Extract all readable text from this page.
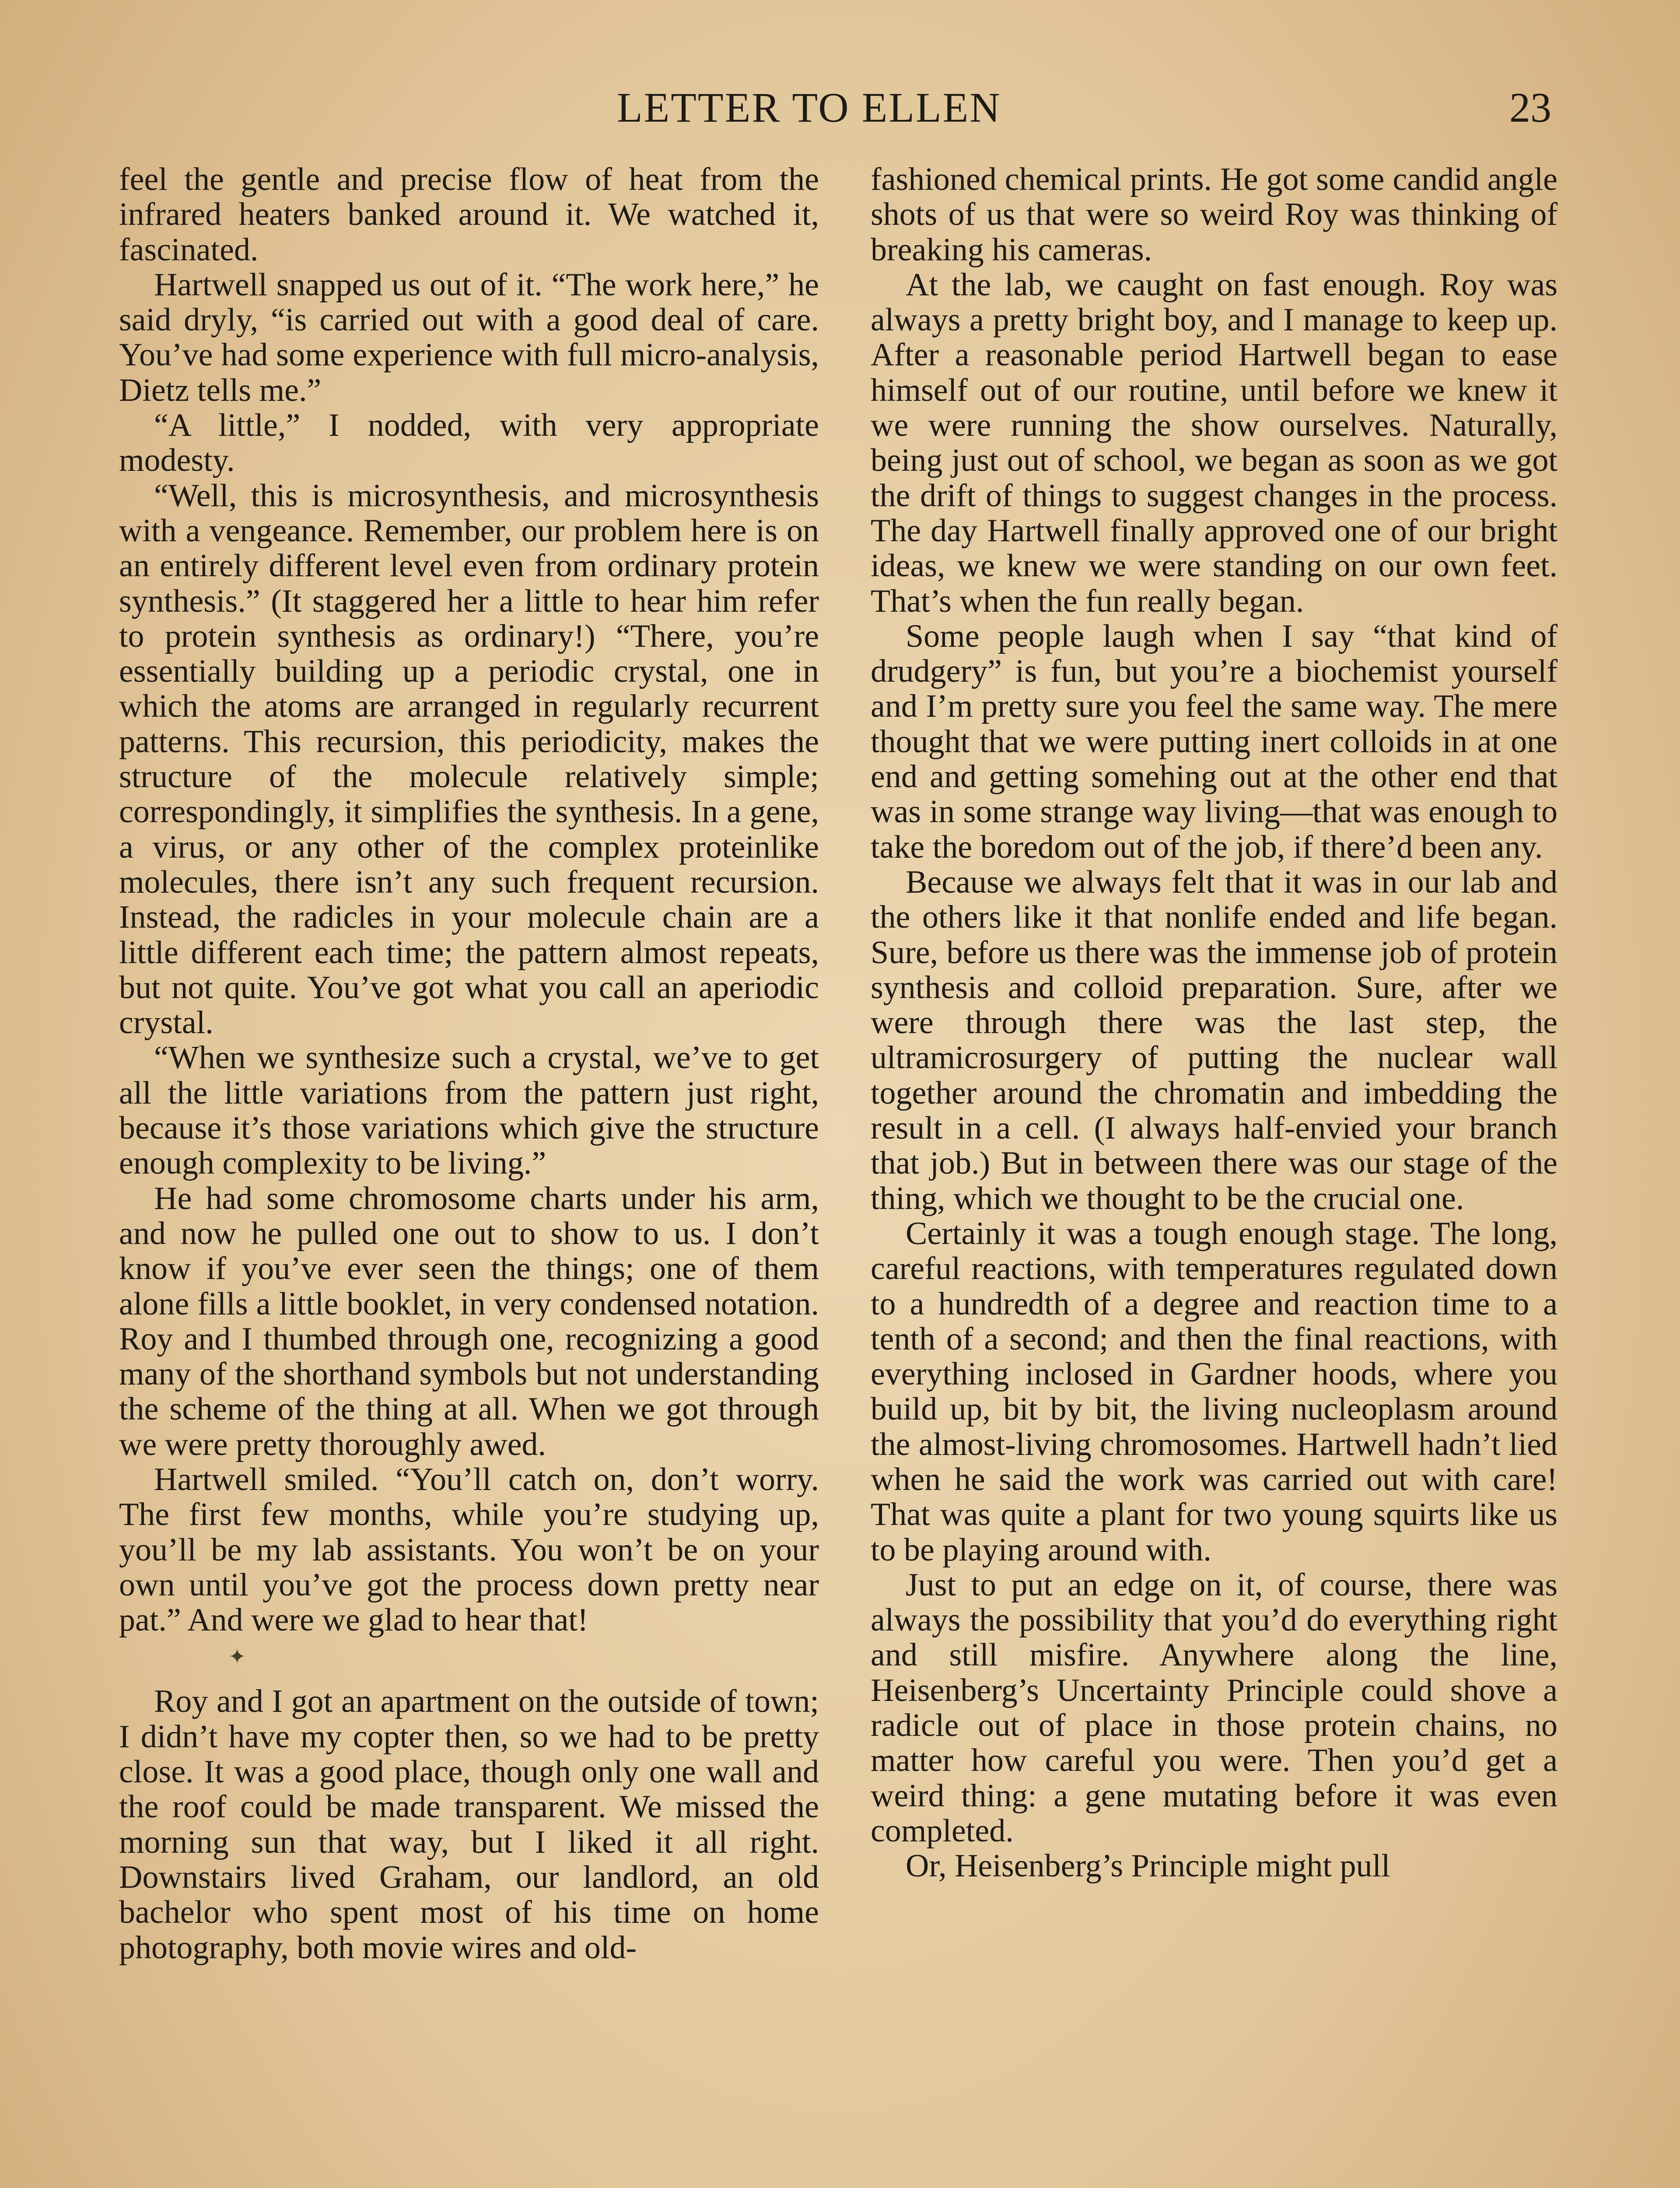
LETTER TO ELLEN	23

feel the gentle and precise flow of heat from the infrared heaters banked around it. We watched it, fascinated.

Hartwell snapped us out of it. “The work here,” he said dryly, “is carried out with a good deal of care. You’ve had some experience with full micro-analysis, Dietz tells me.”

“A little,” I nodded, with very appropriate modesty.

“Well, this is microsynthesis, and microsynthesis with a vengeance. Remember, our problem here is on an entirely different level even from ordinary protein synthesis.” (It staggered her a little to hear him refer to protein synthesis as ordinary!) “There, you’re essentially building up a periodic crystal, one in which the atoms are arranged in regularly recurrent patterns. This recursion, this periodicity, makes the structure of the molecule relatively simple; correspondingly, it simplifies the synthesis. In a gene, a virus, or any other of the complex proteinlike molecules, there isn’t any such frequent recursion. Instead, the radicles in your molecule chain are a little different each time; the pattern almost repeats, but not quite. You’ve got what you call an aperiodic crystal.

“When we synthesize such a crystal, we’ve to get all the little variations from the pattern just right, because it’s those variations which give the structure enough complexity to be living.”

He had some chromosome charts under his arm, and now he pulled one out to show to us. I don’t know if you’ve ever seen the things; one of them alone fills a little booklet, in very condensed notation. Roy and I thumbed through one, recognizing a good many of the shorthand symbols but not understanding the scheme of the thing at all. When we got through we were pretty thoroughly awed.

Hartwell smiled. “You’ll catch on, don’t worry. The first few months, while you’re studying up, you’ll be my lab assistants. You won’t be on your own until you’ve got the process down pretty near pat.” And were we glad to hear that!

✦

Roy and I got an apartment on the outside of town; I didn’t have my copter then, so we had to be pretty close. It was a good place, though only one wall and the roof could be made transparent. We missed the morning sun that way, but I liked it all right. Downstairs lived Graham, our landlord, an old bachelor who spent most of his time on home photography, both movie wires and old-

fashioned chemical prints. He got some candid angle shots of us that were so weird Roy was thinking of breaking his cameras.

At the lab, we caught on fast enough. Roy was always a pretty bright boy, and I manage to keep up. After a reasonable period Hartwell began to ease himself out of our routine, until before we knew it we were running the show ourselves. Naturally, being just out of school, we began as soon as we got the drift of things to suggest changes in the process. The day Hartwell finally approved one of our bright ideas, we knew we were standing on our own feet. That’s when the fun really began.

Some people laugh when I say “that kind of drudgery” is fun, but you’re a biochemist yourself and I’m pretty sure you feel the same way. The mere thought that we were putting inert colloids in at one end and getting somehing out at the other end that was in some strange way living—that was enough to take the boredom out of the job, if there’d been any.

Because we always felt that it was in our lab and the others like it that nonlife ended and life began. Sure, before us there was the immense job of protein synthesis and colloid preparation. Sure, after we were through there was the last step, the ultramicrosurgery of putting the nuclear wall together around the chromatin and imbedding the result in a cell. (I always half-envied your branch that job.) But in between there was our stage of the thing, which we thought to be the crucial one.

Certainly it was a tough enough stage. The long, careful reactions, with temperatures regulated down to a hundredth of a degree and reaction time to a tenth of a second; and then the final reactions, with everything inclosed in Gardner hoods, where you build up, bit by bit, the living nucleoplasm around the almost-living chromosomes. Hartwell hadn’t lied when he said the work was carried out with care! That was quite a plant for two young squirts like us to be playing around with.

Just to put an edge on it, of course, there was always the possibility that you’d do everything right and still misfire. Anywhere along the line, Heisenberg’s Uncertainty Principle could shove a radicle out of place in those protein chains, no matter how careful you were. Then you’d get a weird thing: a gene mutating before it was even completed.

Or, Heisenberg’s Principle might pull
